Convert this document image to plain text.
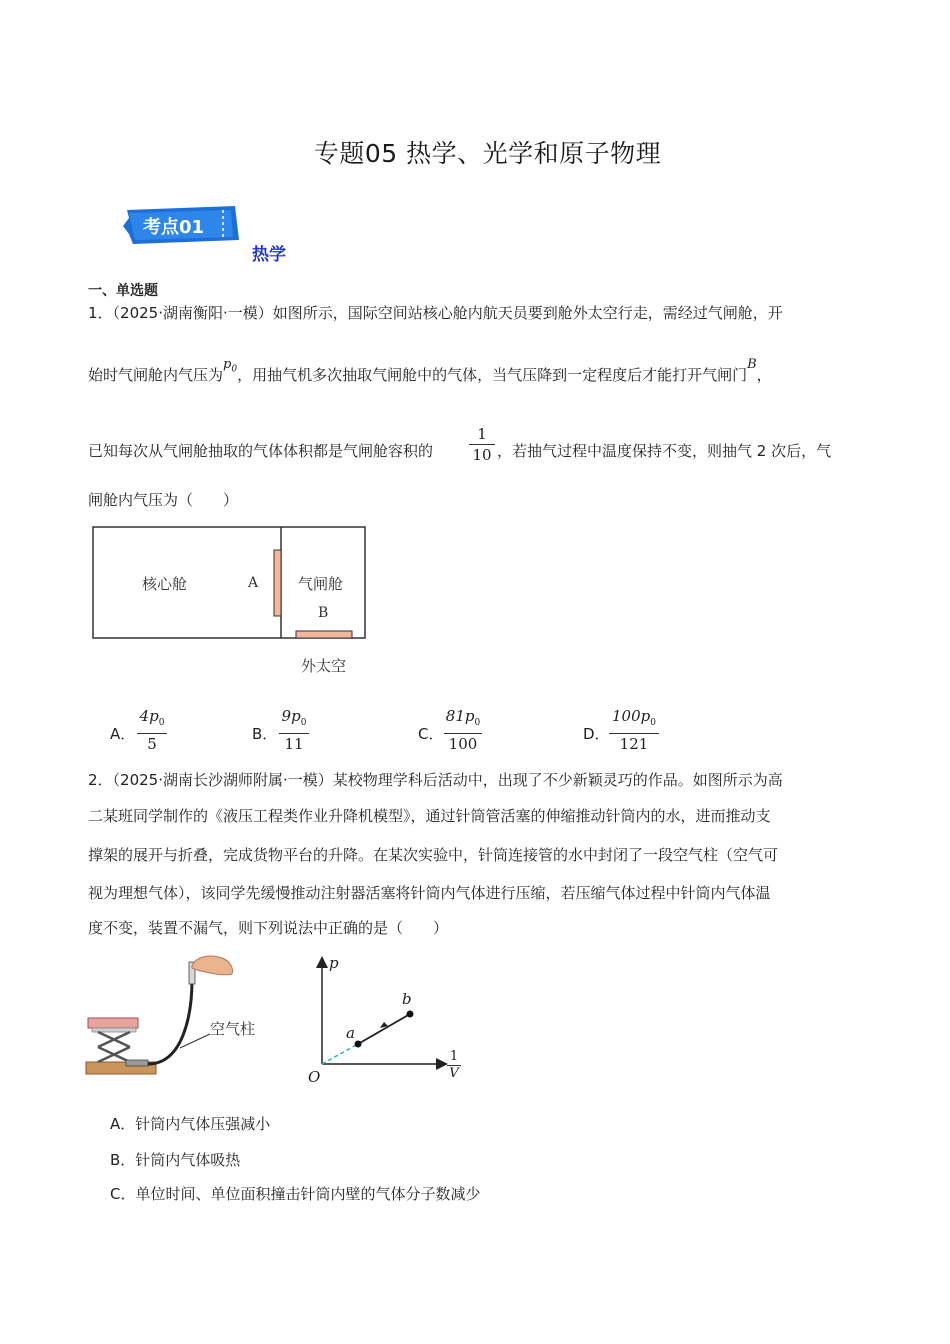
专题05 热学、光学和原子物理
考点01
热学
一、单选题
1．（2025·湖南衡阳·一模）如图所示，国际空间站核心舱内航天员要到舱外太空行走，需经过气闸舱，开
始时气闸舱内气压为$p_0$，用抽气机多次抽取气闸舱中的气体，当气压降到一定程度后才能打开气闸门B，
已知每次从气闸舱抽取的气体体积都是气闸舱容积的
1
10 ，若抽气过程中温度保持不变，则抽气 2 次后，气
闸舱内气压为（　　）
核心舱	A	气闸舱
B
外太空
A．
$4p_0$
5
B．
$9p_0$
11
C．
$81p_0$
100
D．
$100p_0$
121
2．（2025·湖南长沙湖师附属·一模）某校物理学科后活动中，出现了不少新颖灵巧的作品。如图所示为高
二某班同学制作的《液压工程类作业升降机模型》，通过针筒管活塞的伸缩推动针筒内的水，进而推动支
撑架的展开与折叠，完成货物平台的升降。在某次实验中，针筒连接管的水中封闭了一段空气柱（空气可
视为理想气体），该同学先缓慢推动注射器活塞将针筒内气体进行压缩，若压缩气体过程中针筒内气体温
度不变，装置不漏气，则下列说法中正确的是（　　）
空气柱
p
O
a
b
1
V
A．针筒内气体压强减小
B．针筒内气体吸热
C．单位时间、单位面积撞击针筒内壁的气体分子数减少
